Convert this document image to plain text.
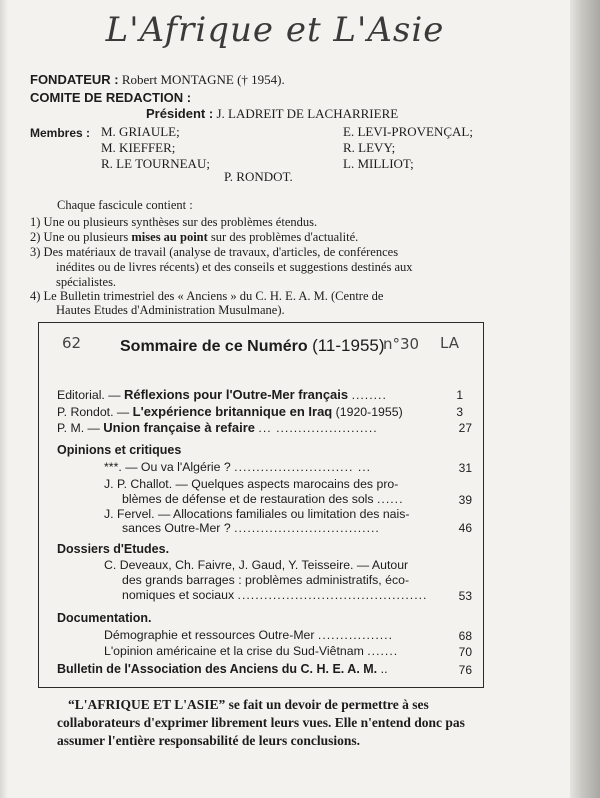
L'Afrique et L'Asie
FONDATEUR : Robert MONTAGNE († 1954).
COMITE DE REDACTION :
Président : J. LADREIT DE LACHARRIERE
Membres : M. GRIAULE;
M. KIEFFER;
R. LE TOURNEAU;
E. LEVI-PROVENÇAL;
R. LEVY;
L. MILLIOT;
P. RONDOT.
Chaque fascicule contient :
1) Une ou plusieurs synthèses sur des problèmes étendus.
2) Une ou plusieurs mises au point sur des problèmes d'actualité.
3) Des matériaux de travail (analyse de travaux, d'articles, de conférences
inédites ou de livres récents) et des conseils et suggestions destinés aux
spécialistes.
4) Le Bulletin trimestriel des « Anciens » du C. H. E. A. M. (Centre de
Hautes Etudes d'Administration Musulmane).
62 Sommaire de ce Numéro (11-1955)
n°30 LA
Editorial. — Réflexions pour l'Outre-Mer français ........	1
P. Rondot. — L'expérience britannique en Iraq (1920-1955)	3
P. M. — Union française à refaire ... .......................	27
Opinions et critiques
***. — Ou va l'Algérie ? ........................... ...	31
J. P. Challot. — Quelques aspects marocains des pro-
blèmes de défense et de restauration des sols ......	39
J. Fervel. — Allocations familiales ou limitation des nais-
sances Outre-Mer ? .................................	46
Dossiers d'Etudes.
C. Deveaux, Ch. Faivre, J. Gaud, Y. Teisseire. — Autour
des grands barrages : problèmes administratifs, éco-
nomiques et sociaux ...........................................	53
Documentation.
Démographie et ressources Outre-Mer .................	68
L'opinion américaine et la crise du Sud-Viêtnam .......	70
Bulletin de l'Association des Anciens du C. H. E. A. M. ..	76
“L'AFRIQUE ET L'ASIE” se fait un devoir de permettre à ses
collaborateurs d'exprimer librement leurs vues. Elle n'entend donc pas
assumer l'entière responsabilité de leurs conclusions.
